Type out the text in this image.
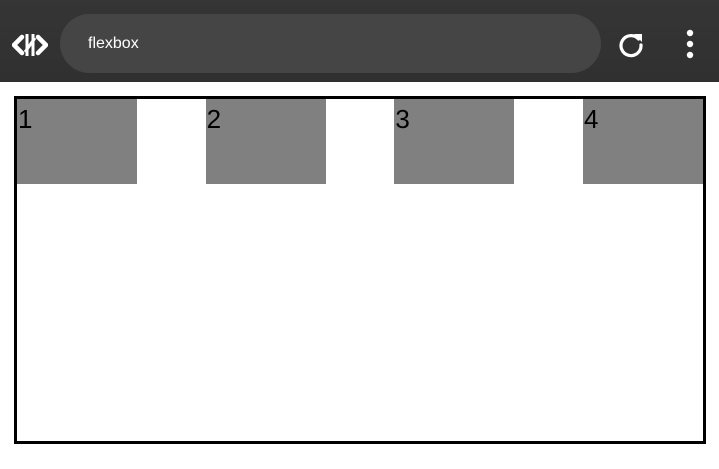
flexbox
1	2	3	4
